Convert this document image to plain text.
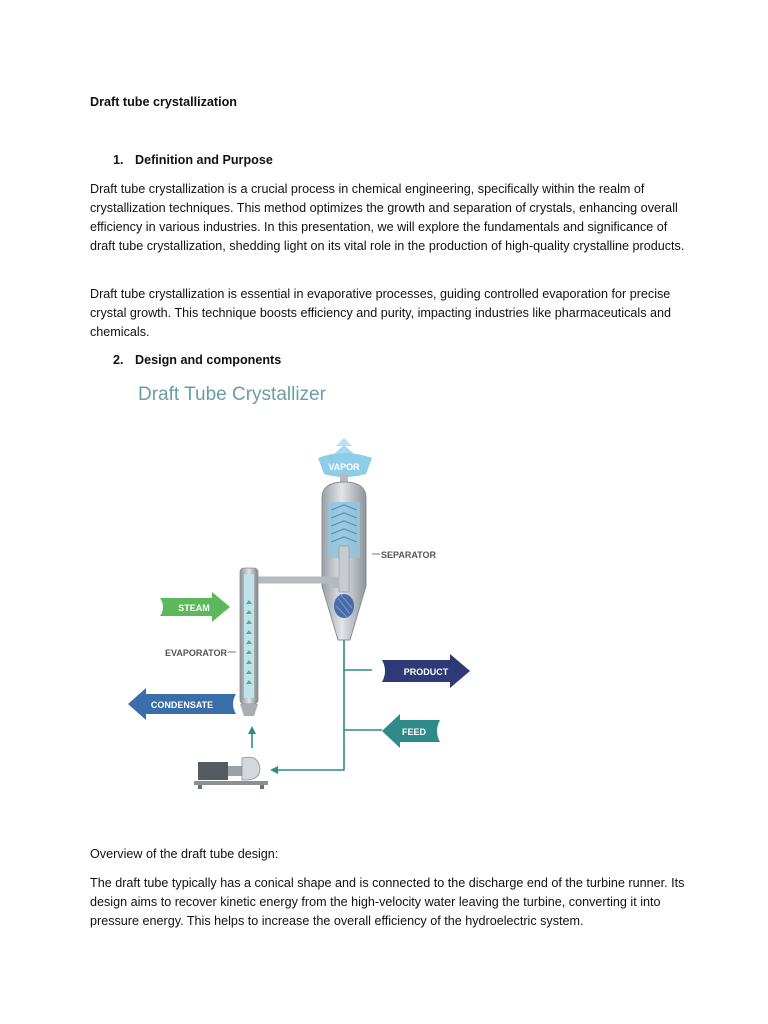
Draft tube crystallization
1. Definition and Purpose
Draft tube crystallization is a crucial process in chemical engineering, specifically within the realm of crystallization techniques. This method optimizes the growth and separation of crystals, enhancing overall efficiency in various industries. In this presentation, we will explore the fundamentals and significance of draft tube crystallization, shedding light on its vital role in the production of high-quality crystalline products.
Draft tube crystallization is essential in evaporative processes, guiding controlled evaporation for precise crystal growth. This technique boosts efficiency and purity, impacting industries like pharmaceuticals and chemicals.
2. Design and components
Draft Tube Crystallizer
VAPOR
SEPARATOR
EVAPORATOR
STEAM
CONDENSATE
PRODUCT
FEED
Overview of the draft tube design:
The draft tube typically has a conical shape and is connected to the discharge end of the turbine runner. Its design aims to recover kinetic energy from the high-velocity water leaving the turbine, converting it into pressure energy. This helps to increase the overall efficiency of the hydroelectric system.
